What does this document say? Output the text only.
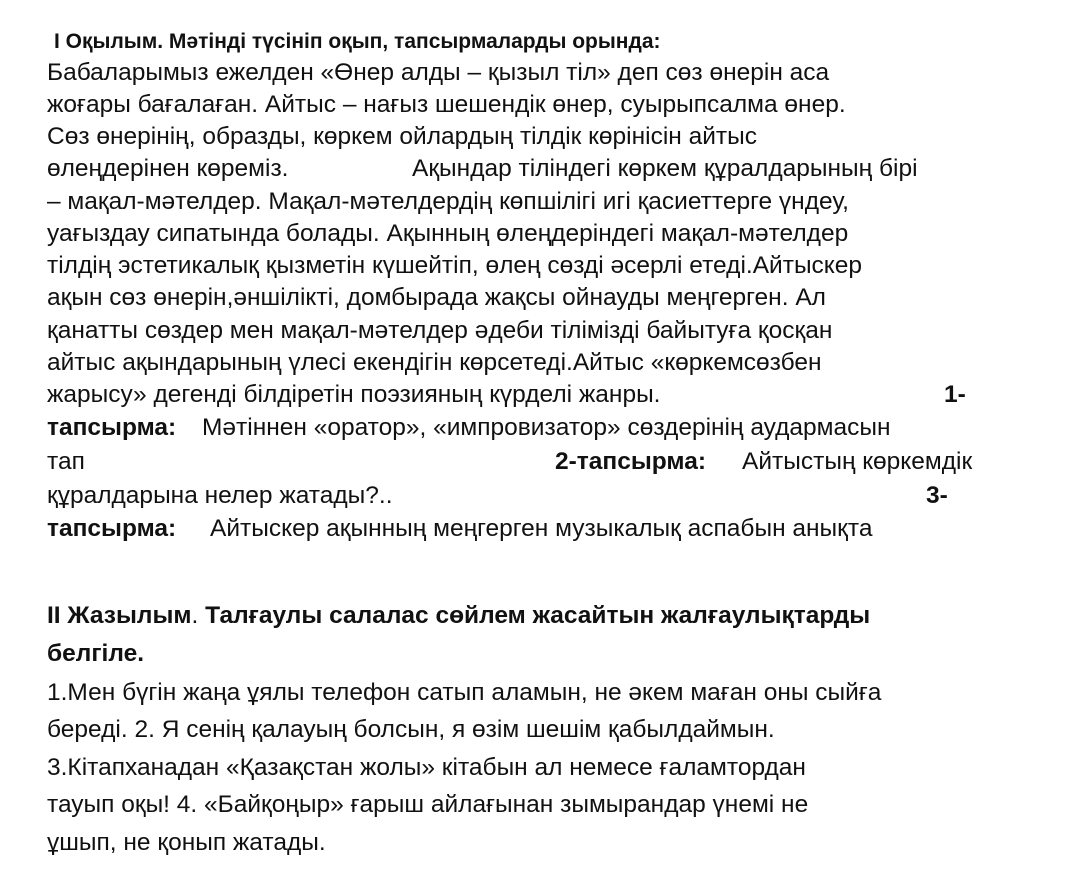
I Оқылым. Мәтінді түсініп оқып, тапсырмаларды орында:
Бабаларымыз ежелден «Өнер алды – қызыл тіл» деп сөз өнерін аса
жоғары бағалаған. Айтыс – нағыз шешендік өнер, суырыпсалма өнер.
Сөз өнерінің, образды, көркем ойлардың тілдік көрінісін айтыс
өлеңдерінен көреміз.	Ақындар тіліндегі көркем құралдарының бірі
– мақал-мәтелдер. Мақал-мәтелдердің көпшілігі игі қасиеттерге үндеу,
уағыздау сипатында болады. Ақынның өлеңдеріндегі мақал-мәтелдер
тілдің эстетикалық қызметін күшейтіп, өлең сөзді әсерлі етеді.Айтыскер
ақын сөз өнерін,әншілікті, домбырада жақсы ойнауды меңгерген. Ал
қанатты сөздер мен мақал-мәтелдер әдеби тілімізді байытуға қосқан
айтыс ақындарының үлесі екендігін көрсетеді.Айтыс «көркемсөзбен
жарысу» дегенді білдіретін поэзияның күрделі жанры.	1-
тапсырма: Мәтіннен «оратор», «импровизатор» сөздерінің аудармасын
тап	2-тапсырма: Айтыстың көркемдік
құралдарына нелер жатады?..	3-
тапсырма: Айтыскер ақынның меңгерген музыкалық аспабын анықта
II Жазылым. Талғаулы салалас сөйлем жасайтын жалғаулықтарды
белгіле.
1.Мен бүгін жаңа ұялы телефон сатып аламын, не әкем маған оны сыйға
береді. 2. Я сенің қалауың болсын, я өзім шешім қабылдаймын.
3.Кітапханадан «Қазақстан жолы» кітабын ал немесе ғаламтордан
тауып оқы! 4. «Байқоңыр» ғарыш айлағынан зымырандар үнемі не
ұшып, не қонып жатады.
